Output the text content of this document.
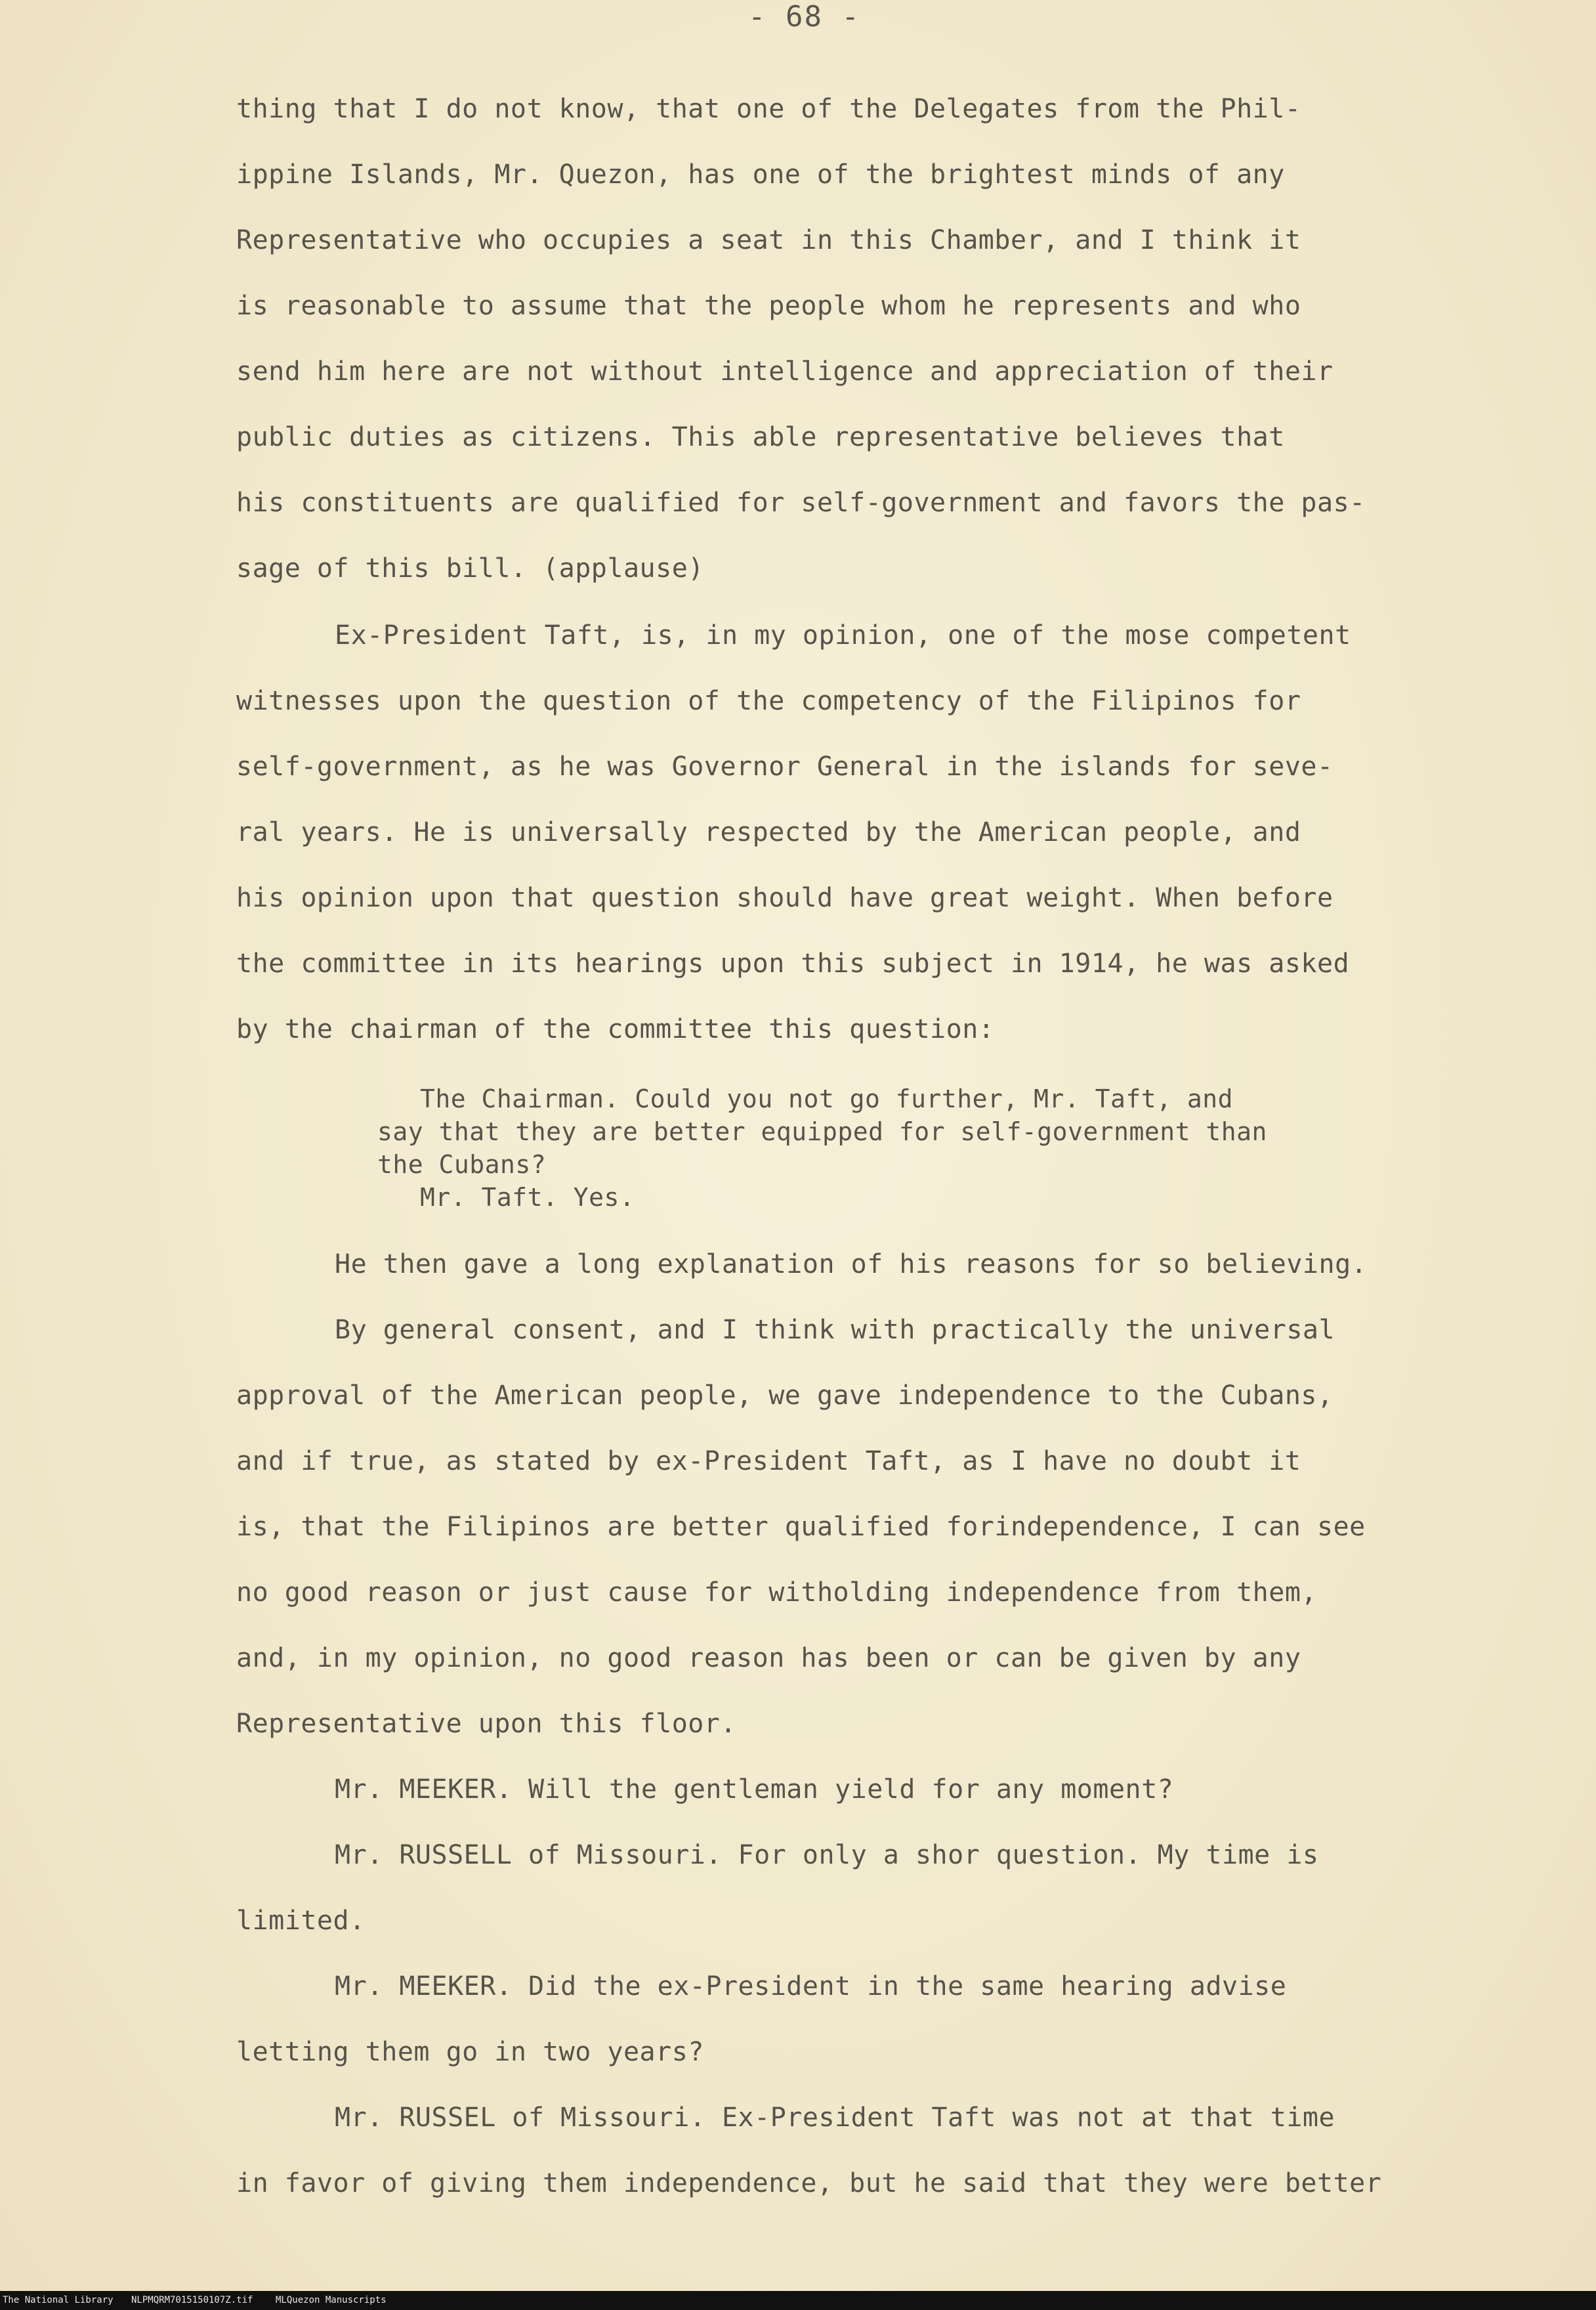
- 68 -
thing that I do not know, that one of the Delegates from the Phil-
ippine Islands, Mr. Quezon, has one of the brightest minds of any
Representative who occupies a seat in this Chamber, and I think it
is reasonable to assume that the people whom he represents and who
send him here are not without intelligence and appreciation of their
public duties as citizens. This able representative believes that
his constituents are qualified for self-government and favors the pas-
sage of this bill. (applause)
Ex-President Taft, is, in my opinion, one of the mose competent
witnesses upon the question of the competency of the Filipinos for
self-government, as he was Governor General in the islands for seve-
ral years. He is universally respected by the American people, and
his opinion upon that question should have great weight. When before
the committee in its hearings upon this subject in 1914, he was asked
by the chairman of the committee this question:
The Chairman. Could you not go further, Mr. Taft, and
say that they are better equipped for self-government than
the Cubans?
Mr. Taft. Yes.
He then gave a long explanation of his reasons for so believing.
By general consent, and I think with practically the universal
approval of the American people, we gave independence to the Cubans,
and if true, as stated by ex-President Taft, as I have no doubt it
is, that the Filipinos are better qualified forindependence, I can see
no good reason or just cause for witholding independence from them,
and, in my opinion, no good reason has been or can be given by any
Representative upon this floor.
Mr. MEEKER. Will the gentleman yield for any moment?
Mr. RUSSELL of Missouri. For only a shor question. My time is
limited.
Mr. MEEKER. Did the ex-President in the same hearing advise
letting them go in two years?
Mr. RUSSEL of Missouri. Ex-President Taft was not at that time
in favor of giving them independence, but he said that they were better
The National Library NLPMQRM7015150107Z.tif MLQuezon Manuscripts
